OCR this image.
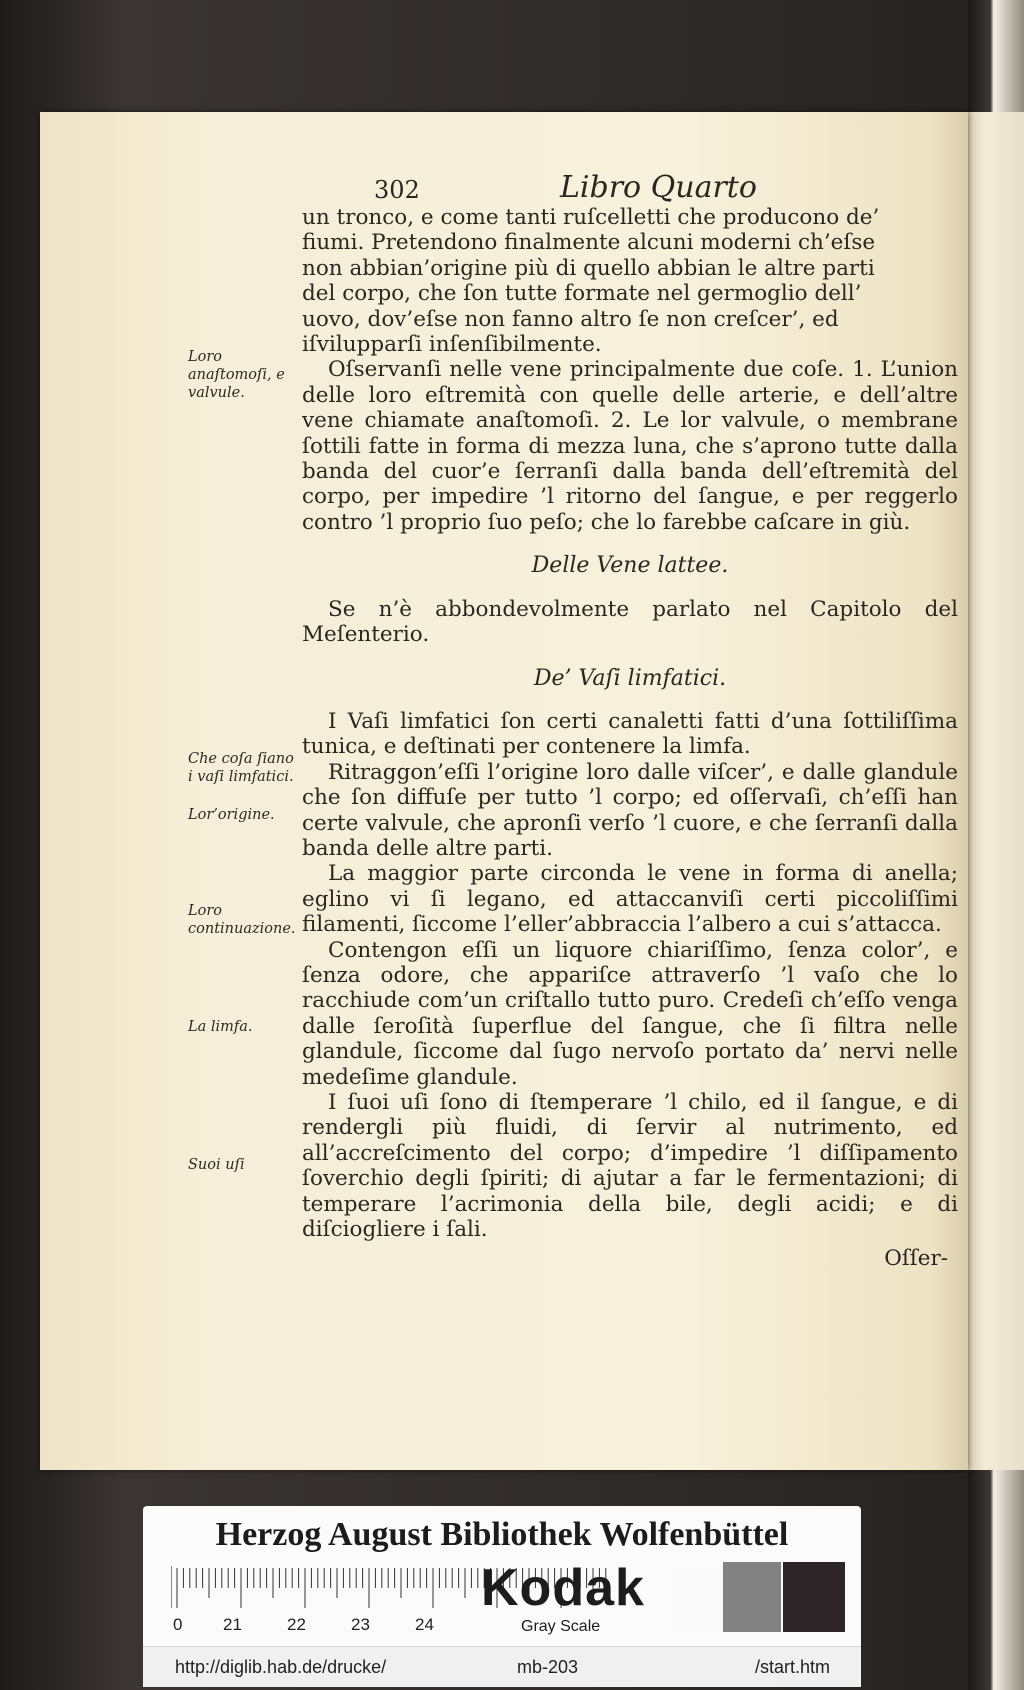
302	Libro Quarto

un tronco, e come tanti ruſcelletti che producono de’

fiumi. Pretendono finalmente alcuni moderni ch’eſse

non abbian’origine più di quello abbian le altre parti

del corpo, che ſon tutte formate nel germoglio dell’

uovo, dov’eſse non fanno altro ſe non creſcer’, ed

iſvilupparſi inſenſibilmente.

Oſservanſi nelle vene principalmente due coſe. 1. L’union delle loro eſtremità con quelle delle arterie, e dell’altre vene chiamate anaſtomoſi. 2. Le lor valvule, o membrane ſottili fatte in forma di mezza luna, che s’aprono tutte dalla banda del cuor’e ſerranſi dalla banda dell’eſtremità del corpo, per impedire ’l ritorno del ſangue, e per reggerlo contro ’l proprio ſuo peſo; che lo farebbe caſcare in giù.

Delle Vene lattee.

Se n’è abbondevolmente parlato nel Capitolo del Meſenterio.

De’ Vaſi limfatici.

I Vaſi limfatici ſon certi canaletti fatti d’una ſottiliſſima tunica, e deſtinati per contenere la limfa.

Ritraggon’eſſi l’origine loro dalle viſcer’, e dalle glandule che ſon diffuſe per tutto ’l corpo; ed oſſervaſi, ch’eſſi han certe valvule, che apronſi verſo ’l cuore, e che ſerranſi dalla banda delle altre parti.

La maggior parte circonda le vene in forma di anella; eglino vi ſi legano, ed attaccanviſi certi piccoliſſimi filamenti, ſiccome l’eller’abbraccia l’albero a cui s’attacca.

Contengon eſſi un liquore chiariſſimo, ſenza color’, e ſenza odore, che appariſce attraverſo ’l vaſo che lo racchiude com’un criſtallo tutto puro. Credeſi ch’eſſo venga dalle ſeroſità ſuperflue del ſangue, che ſi filtra nelle glandule, ſiccome dal ſugo nervoſo portato da’ nervi nelle medeſime glandule.

I ſuoi uſi ſono di ſtemperare ’l chilo, ed il ſangue, e di rendergli più fluidi, di ſervir al nutrimento, ed all’accreſcimento del corpo; d’impedire ’l diſſipamento ſoverchio degli ſpiriti; di ajutar a far le fermentazioni; di temperare l’acrimonia della bile, degli acidi; e di diſciogliere i ſali.

Oſſer-
Loro anaſtomoſi, e valvule.
Che coſa ſiano i vaſi limfatici.
Lor’origine.
Loro continuazione.
La limfa.
Suoi uſi
Herzog August Bibliothek Wolfenbüttel
0 21	22	23	24
Kodak
Gray Scale
http://diglib.hab.de/drucke/	mb-203	/start.htm
